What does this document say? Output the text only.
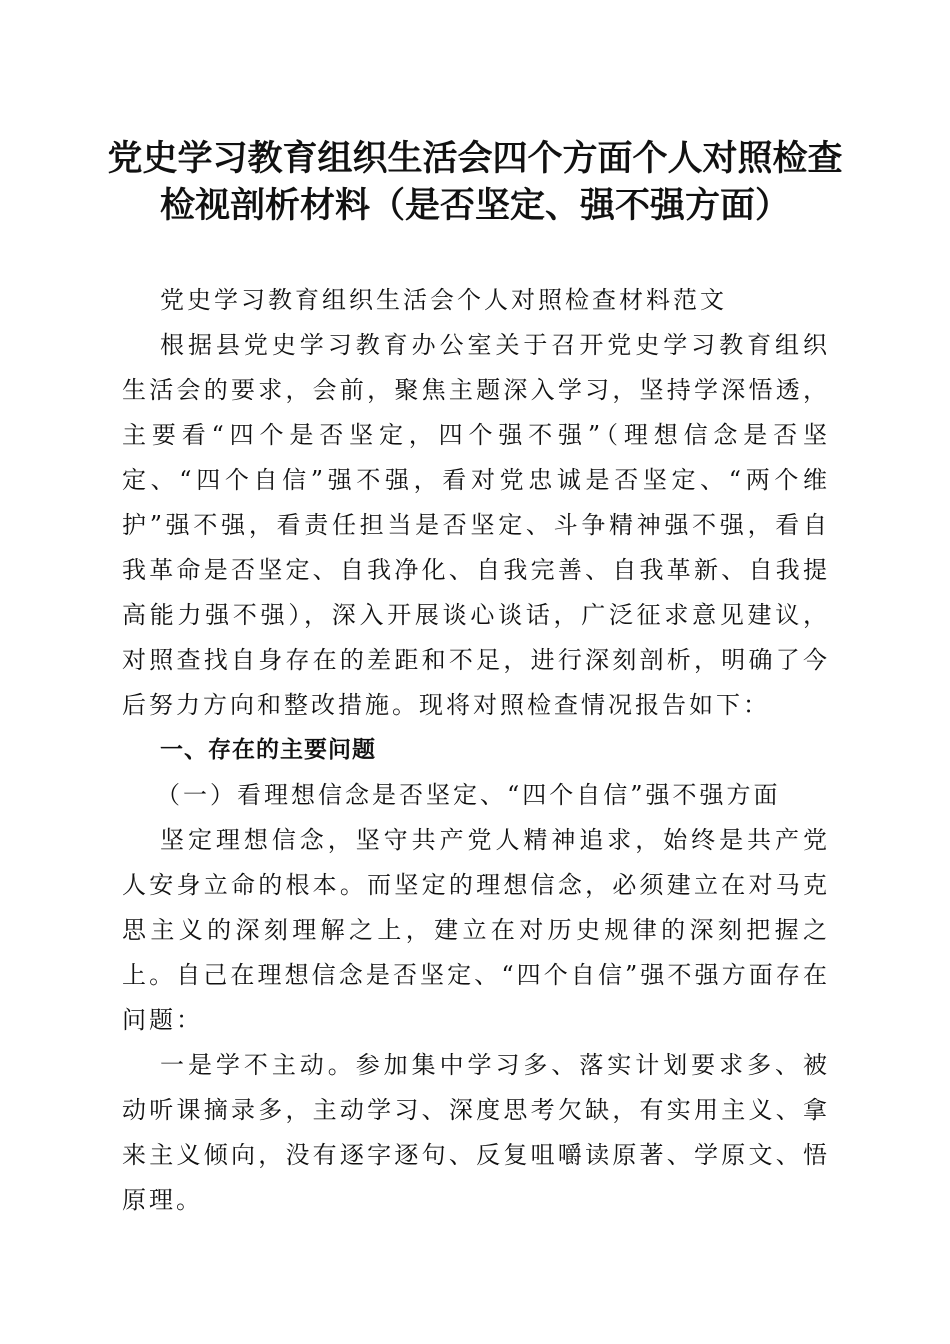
党史学习教育组织生活会四个方面个人对照检查检视剖析材料（是否坚定、强不强方面）

党史学习教育组织生活会个人对照检查材料范文

根据县党史学习教育办公室关于召开党史学习教育组织生活会的要求，会前，聚焦主题深入学习，坚持学深悟透，主要看“四个是否坚定，四个强不强”（理想信念是否坚定、“四个自信”强不强，看对党忠诚是否坚定、“两个维护”强不强，看责任担当是否坚定、斗争精神强不强，看自我革命是否坚定、自我净化、自我完善、自我革新、自我提高能力强不强），深入开展谈心谈话，广泛征求意见建议，对照查找自身存在的差距和不足，进行深刻剖析，明确了今后努力方向和整改措施。现将对照检查情况报告如下：

一、存在的主要问题

（一）看理想信念是否坚定、“四个自信”强不强方面

坚定理想信念，坚守共产党人精神追求，始终是共产党人安身立命的根本。而坚定的理想信念，必须建立在对马克思主义的深刻理解之上，建立在对历史规律的深刻把握之上。自己在理想信念是否坚定、“四个自信”强不强方面存在问题：

一是学不主动。参加集中学习多、落实计划要求多、被动听课摘录多，主动学习、深度思考欠缺，有实用主义、拿来主义倾向，没有逐字逐句、反复咀嚼读原著、学原文、悟原理。
